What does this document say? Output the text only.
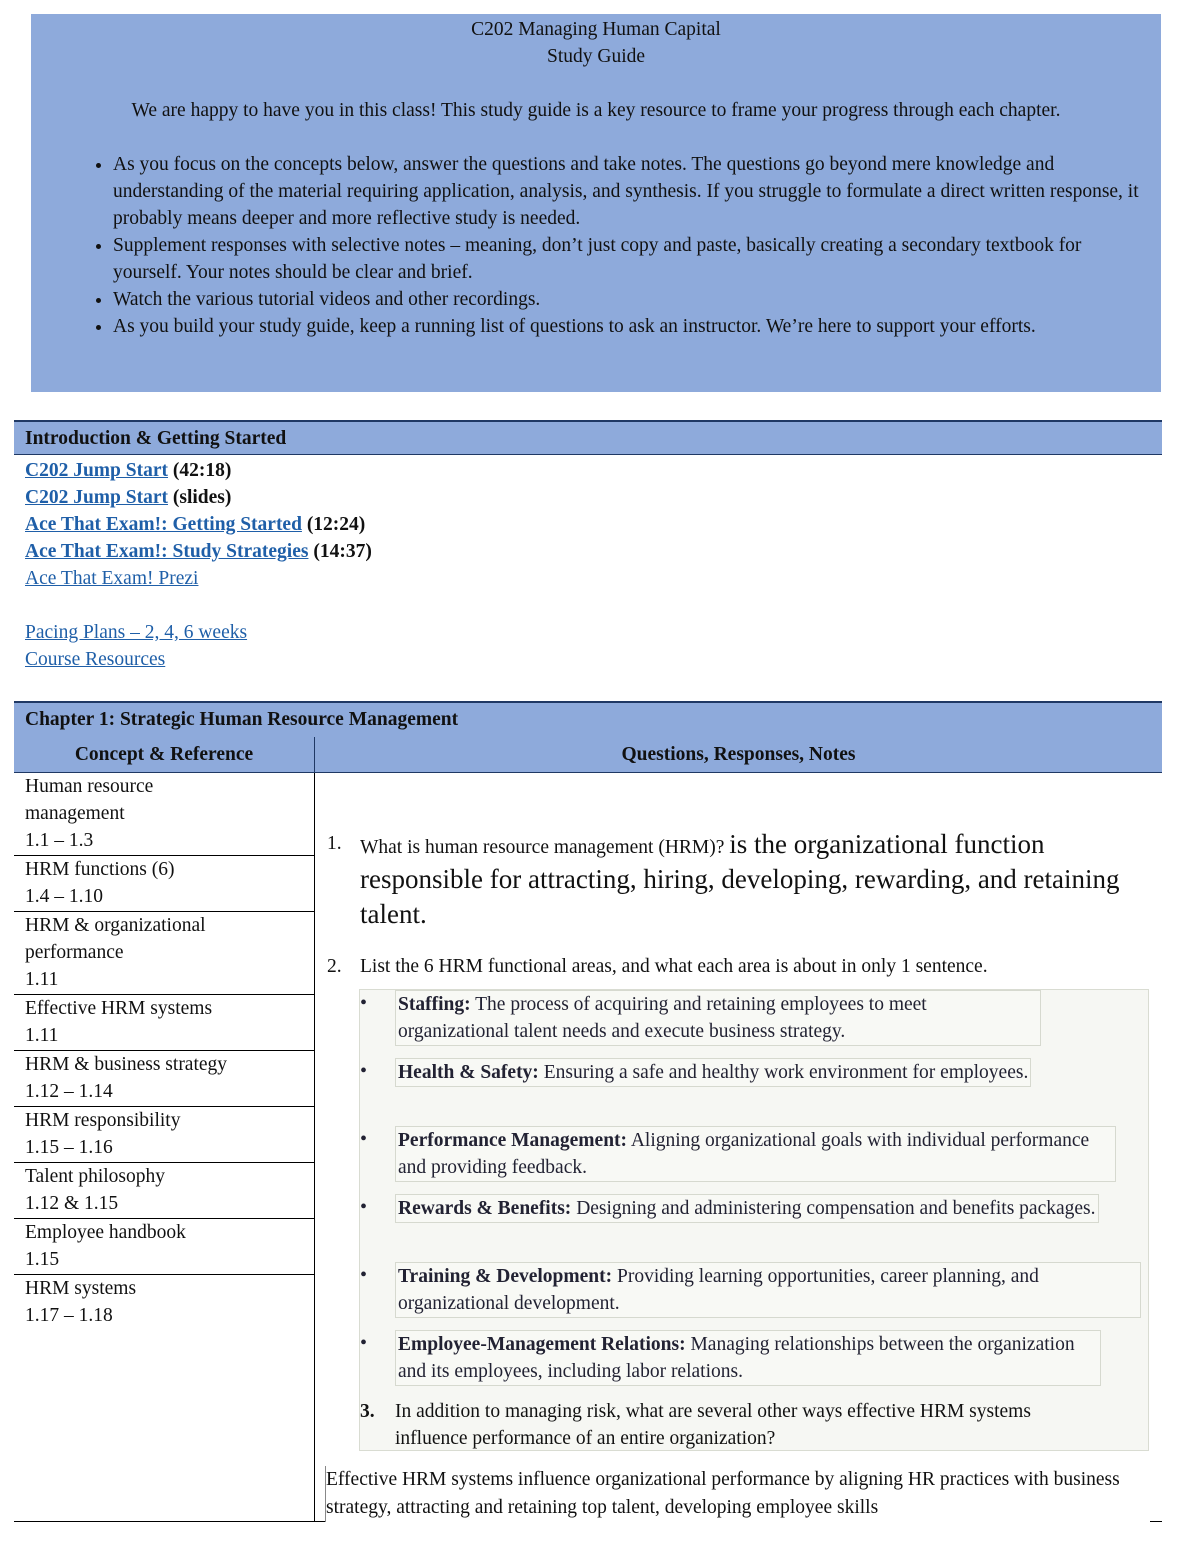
C202 Managing Human Capital
Study Guide
We are happy to have you in this class! This study guide is a key resource to frame your progress through each chapter.
• As you focus on the concepts below, answer the questions and take notes. The questions go beyond mere knowledge and understanding of the material requiring application, analysis, and synthesis. If you struggle to formulate a direct written response, it probably means deeper and more reflective study is needed.
• Supplement responses with selective notes – meaning, don’t just copy and paste, basically creating a secondary textbook for yourself. Your notes should be clear and brief.
• Watch the various tutorial videos and other recordings.
• As you build your study guide, keep a running list of questions to ask an instructor. We’re here to support your efforts.
Introduction & Getting Started
C202 Jump Start (42:18)
C202 Jump Start (slides)
Ace That Exam!: Getting Started (12:24)
Ace That Exam!: Study Strategies (14:37)
Ace That Exam! Prezi
Pacing Plans – 2, 4, 6 weeks
Course Resources
Chapter 1: Strategic Human Resource Management
Concept & Reference	Questions, Responses, Notes
Human resource management
1.1 – 1.3
HRM functions (6)
1.4 – 1.10
HRM & organizational performance
1.11
Effective HRM systems
1.11
HRM & business strategy
1.12 – 1.14
HRM responsibility
1.15 – 1.16
Talent philosophy
1.12 & 1.15
Employee handbook
1.15
HRM systems
1.17 – 1.18
1. What is human resource management (HRM)? is the organizational function responsible for attracting, hiring, developing, rewarding, and retaining talent.
2. List the 6 HRM functional areas, and what each area is about in only 1 sentence.
• Staffing: The process of acquiring and retaining employees to meet organizational talent needs and execute business strategy.
• Health & Safety: Ensuring a safe and healthy work environment for employees.
• Performance Management: Aligning organizational goals with individual performance and providing feedback.
• Rewards & Benefits: Designing and administering compensation and benefits packages.
• Training & Development: Providing learning opportunities, career planning, and organizational development.
• Employee-Management Relations: Managing relationships between the organization and its employees, including labor relations.
3. In addition to managing risk, what are several other ways effective HRM systems influence performance of an entire organization?
Effective HRM systems influence organizational performance by aligning HR practices with business strategy, attracting and retaining top talent, developing employee skills
